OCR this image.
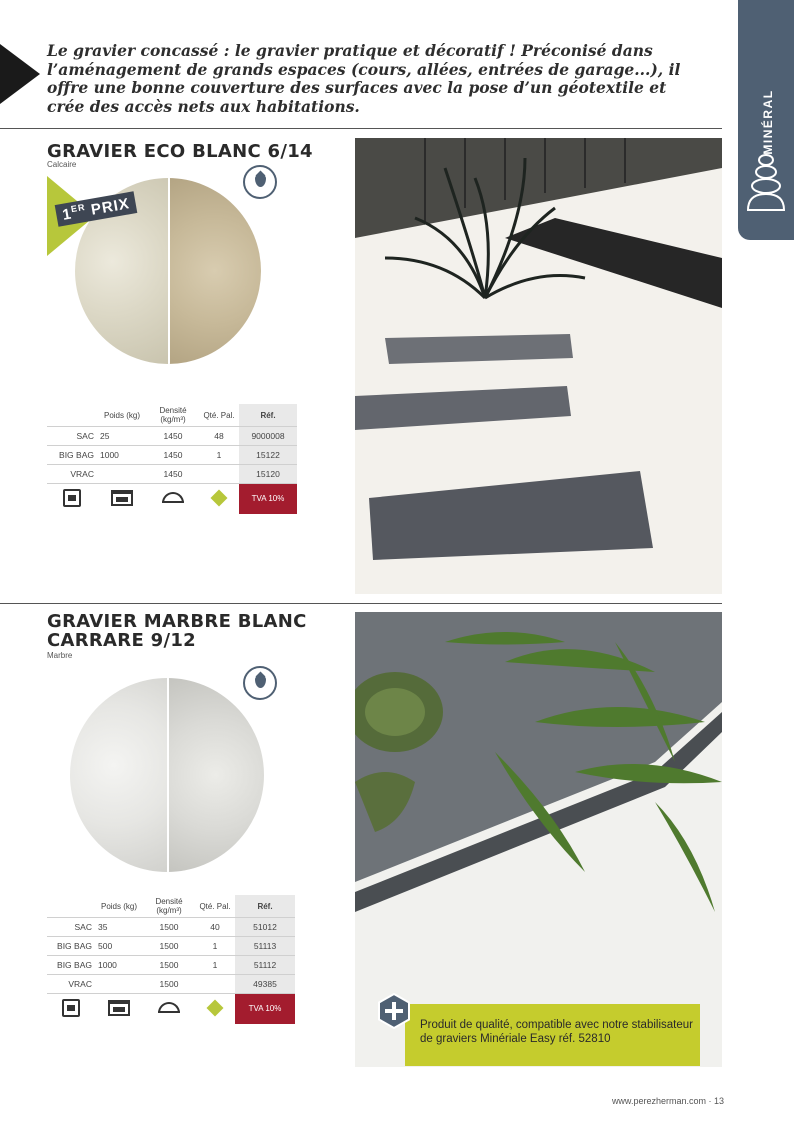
Le gravier concassé : le gravier pratique et décoratif ! Préconisé dans l’aménagement de grands espaces (cours, allées, entrées de garage...), il offre une bonne couverture des surfaces avec la pose d’un géotextile et crée des accès nets aux habitations.	MINÉRAL
GRAVIER ECO BLANC 6/14
Calcaire
1ER PRIX
	Poids (kg)	Densité (kg/m³)	Qté. Pal.	Réf.
SAC	25	1450	48	9000008
BIG BAG	1000	1450	1	15122
VRAC		1450		15120
				TVA 10%
GRAVIER MARBRE BLANC
CARRARE 9/12
Marbre
	Poids (kg)	Densité (kg/m³)	Qté. Pal.	Réf.
SAC	35	1500	40	51012
BIG BAG	500	1500	1	51113
BIG BAG	1000	1500	1	51112
VRAC		1500		49385
				TVA 10%

Produit de qualité, compatible avec notre stabilisateur de graviers Minériale Easy réf. 52810

www.perezherman.com · 13
